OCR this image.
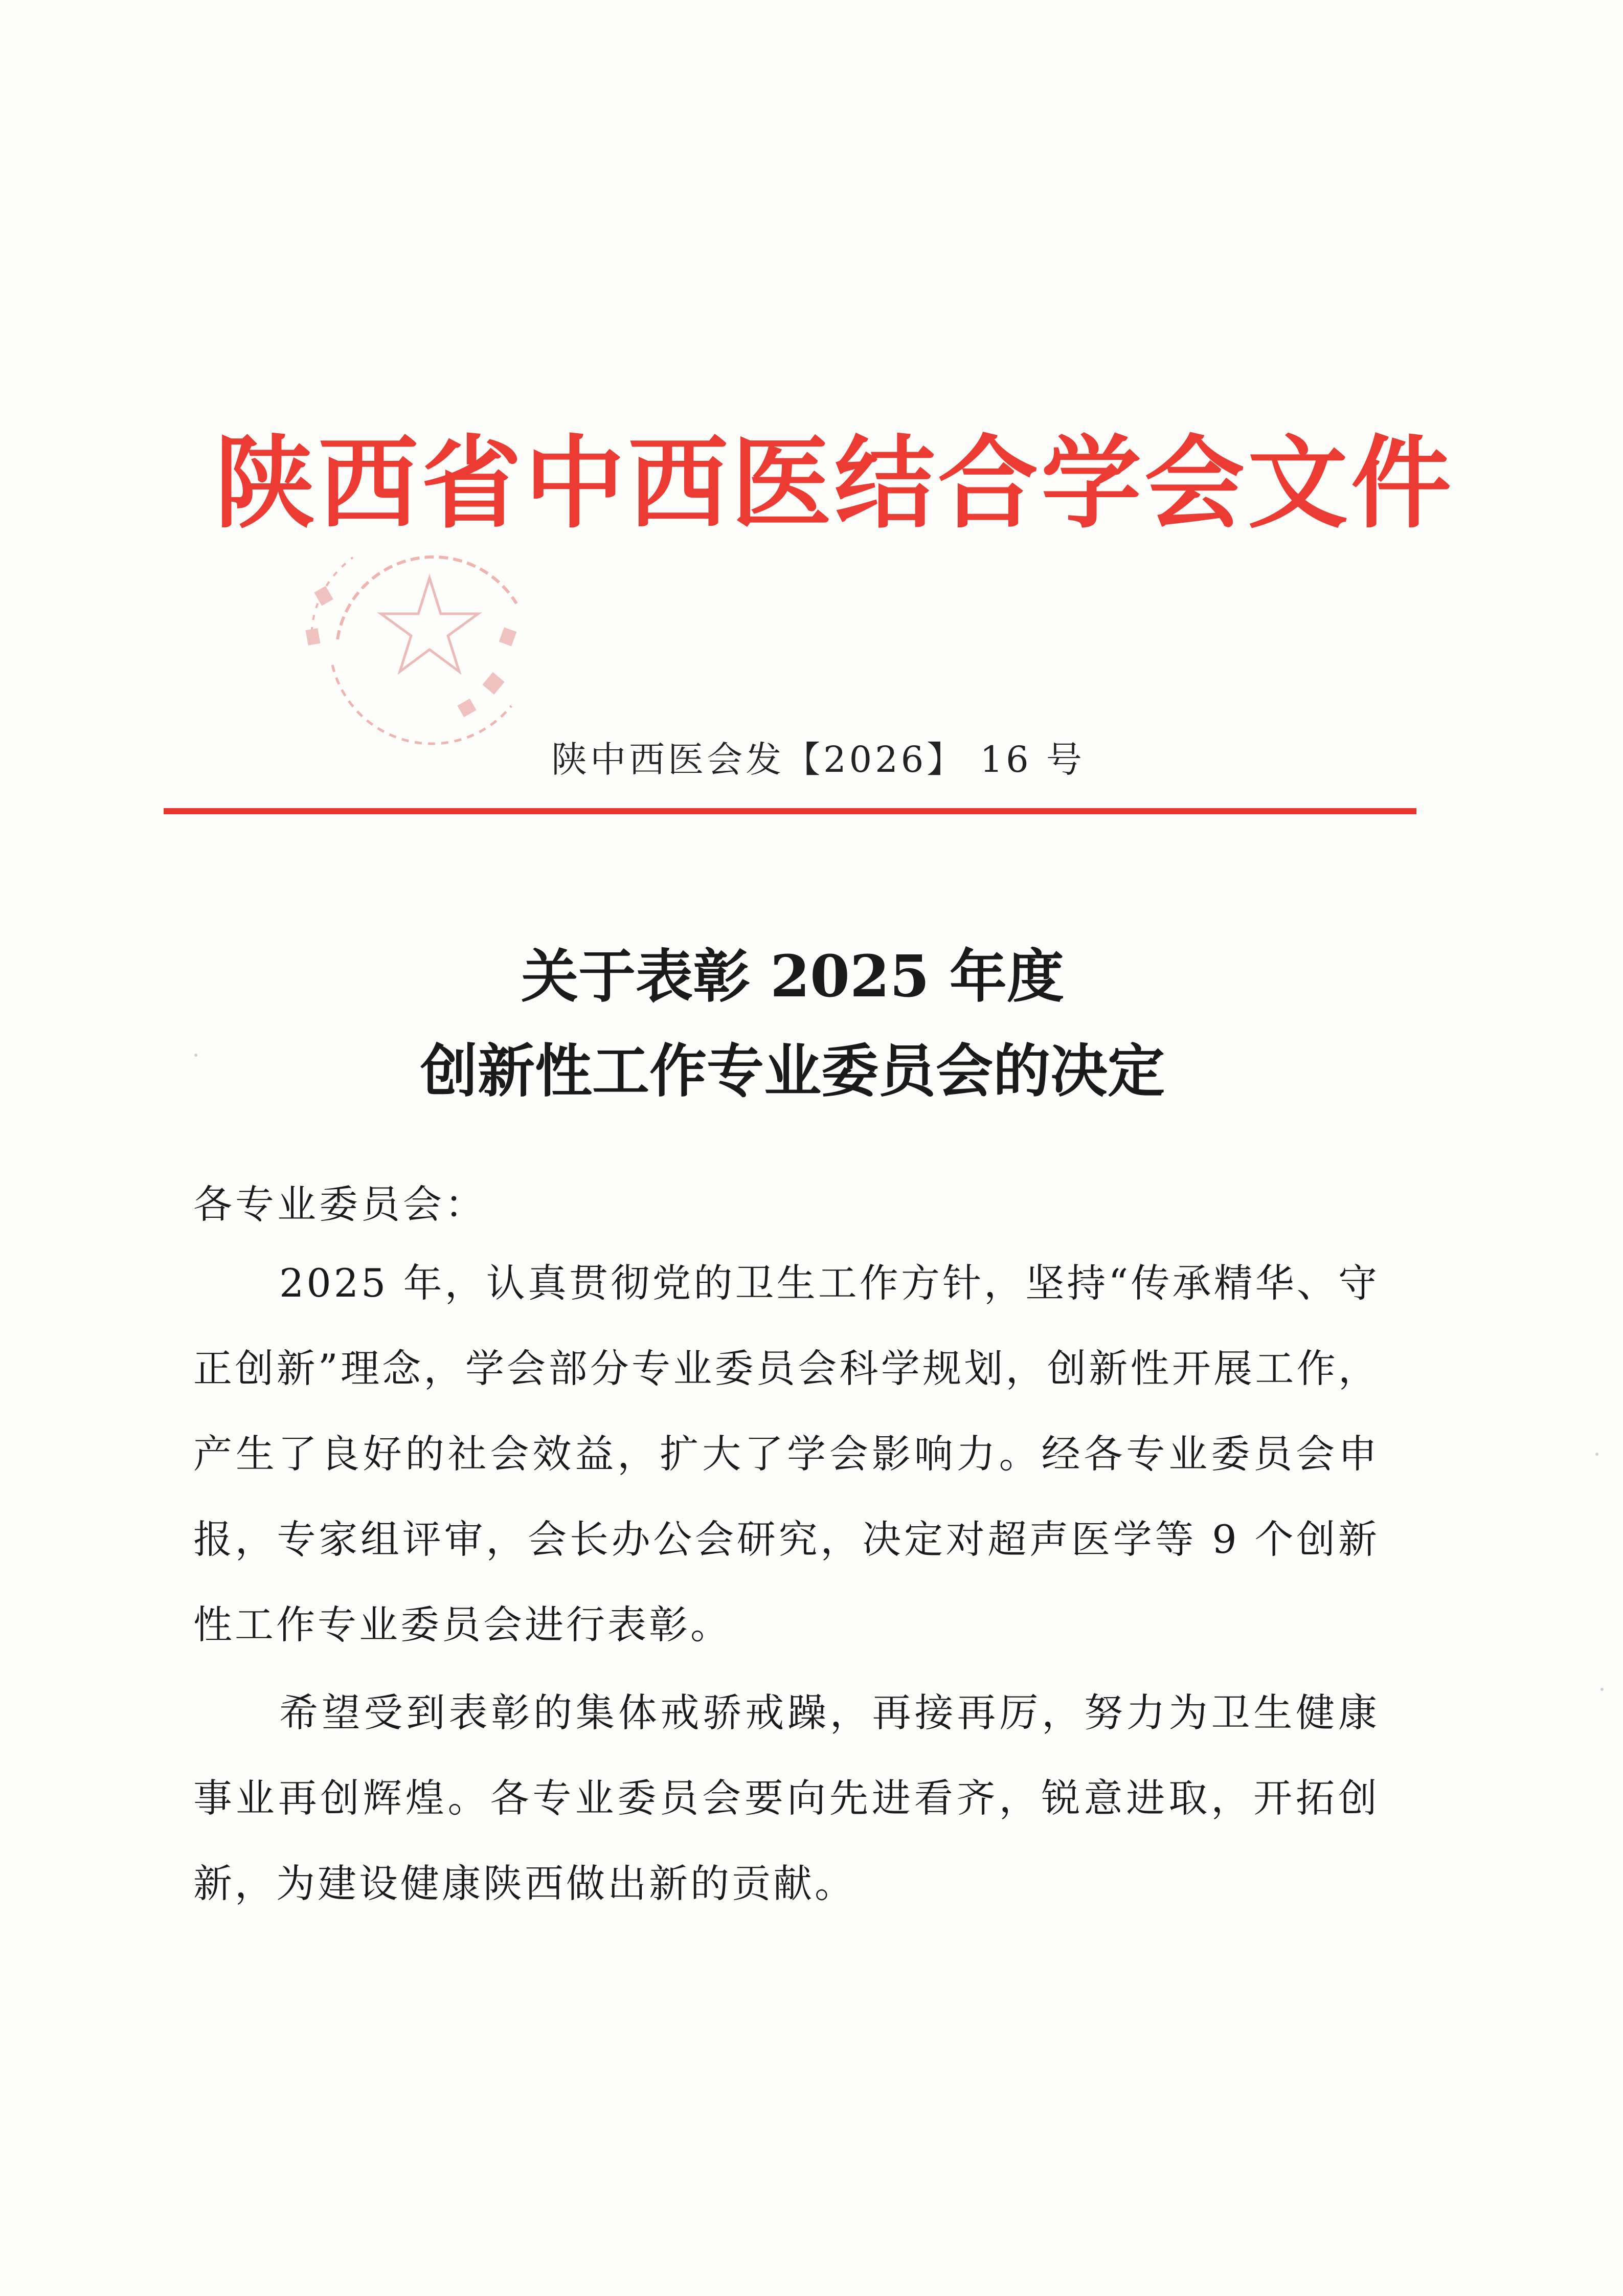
陕西省中西医结合学会文件
陕中西医会发【2026】 16 号
关于表彰 2025 年度
创新性工作专业委员会的决定
各专业委员会：
2025 年，认真贯彻党的卫生工作方针，坚持“传承精华、守正创新”理念，学会部分专业委员会科学规划，创新性开展工作，产生了良好的社会效益，扩大了学会影响力。经各专业委员会申报，专家组评审，会长办公会研究，决定对超声医学等 9 个创新性工作专业委员会进行表彰。
希望受到表彰的集体戒骄戒躁，再接再厉，努力为卫生健康事业再创辉煌。各专业委员会要向先进看齐，锐意进取，开拓创新，为建设健康陕西做出新的贡献。
